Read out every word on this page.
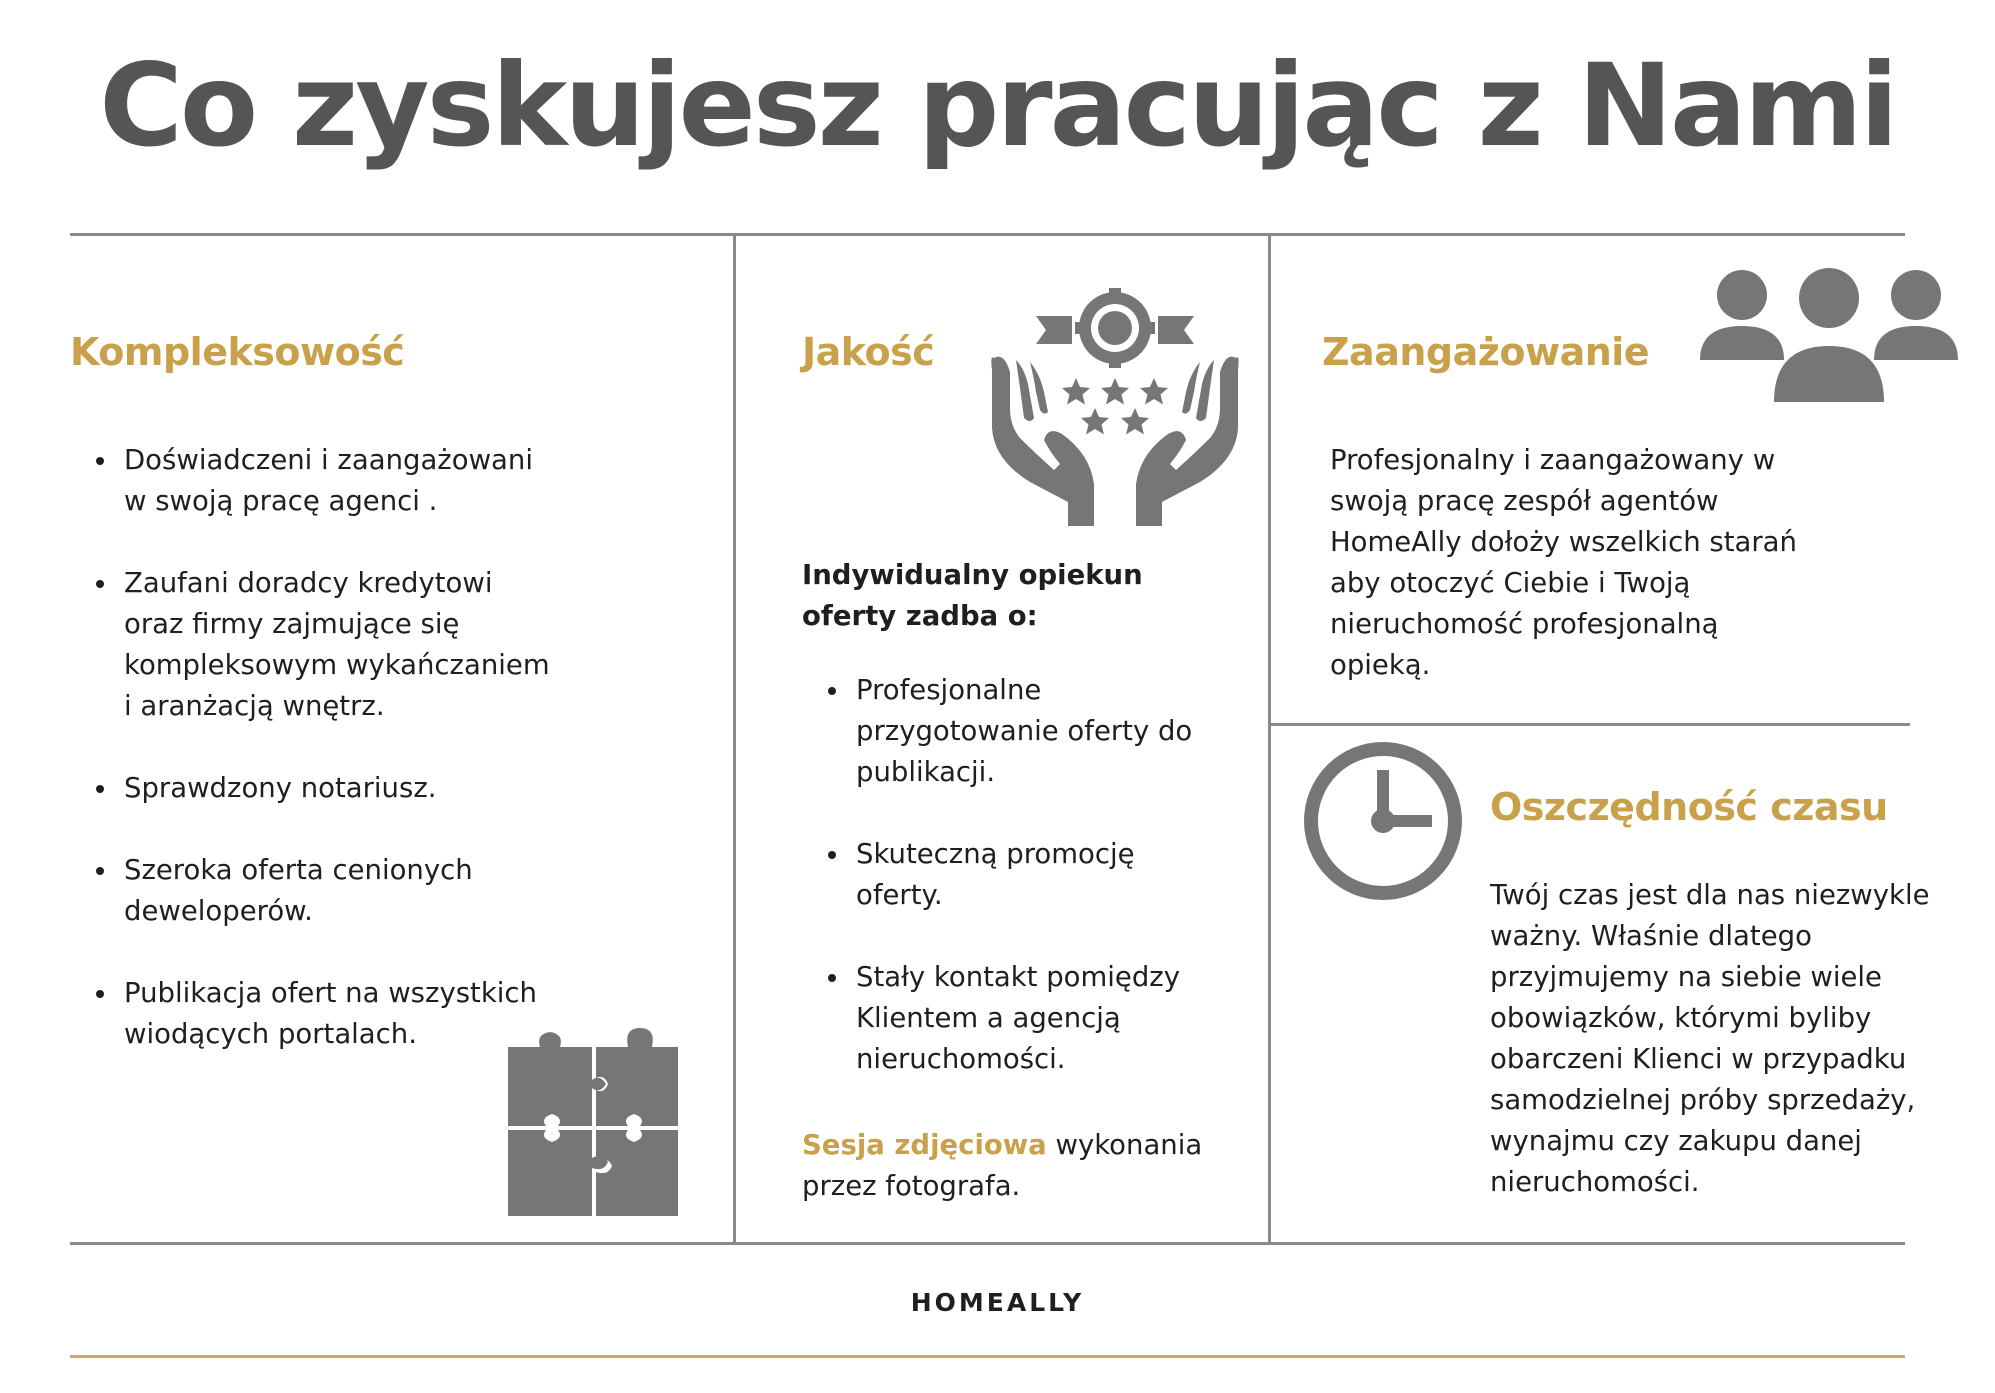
Co zyskujesz pracując z Nami
Kompleksowość
Doświadczeni i zaangażowani
w swoją pracę agenci .
Zaufani doradcy kredytowi
oraz firmy zajmujące się
kompleksowym wykańczaniem
i aranżacją wnętrz.
Sprawdzony notariusz.
Szeroka oferta cenionych
deweloperów.
Publikacja ofert na wszystkich
wiodących portalach.
Jakość
Indywidualny opiekun
oferty zadba o:
Profesjonalne
przygotowanie oferty do
publikacji.
Skuteczną promocję
oferty.
Stały kontakt pomiędzy
Klientem a agencją
nieruchomości.
Sesja zdjęciowa wykonania
przez fotografa.
Zaangażowanie
Profesjonalny i zaangażowany w
swoją pracę zespół agentów
HomeAlly dołoży wszelkich starań
aby otoczyć Ciebie i Twoją
nieruchomość profesjonalną
opieką.
Oszczędność czasu
Twój czas jest dla nas niezwykle
ważny. Właśnie dlatego
przyjmujemy na siebie wiele
obowiązków, którymi byliby
obarczeni Klienci w przypadku
samodzielnej próby sprzedaży,
wynajmu czy zakupu danej
nieruchomości.
HOMEALLY
